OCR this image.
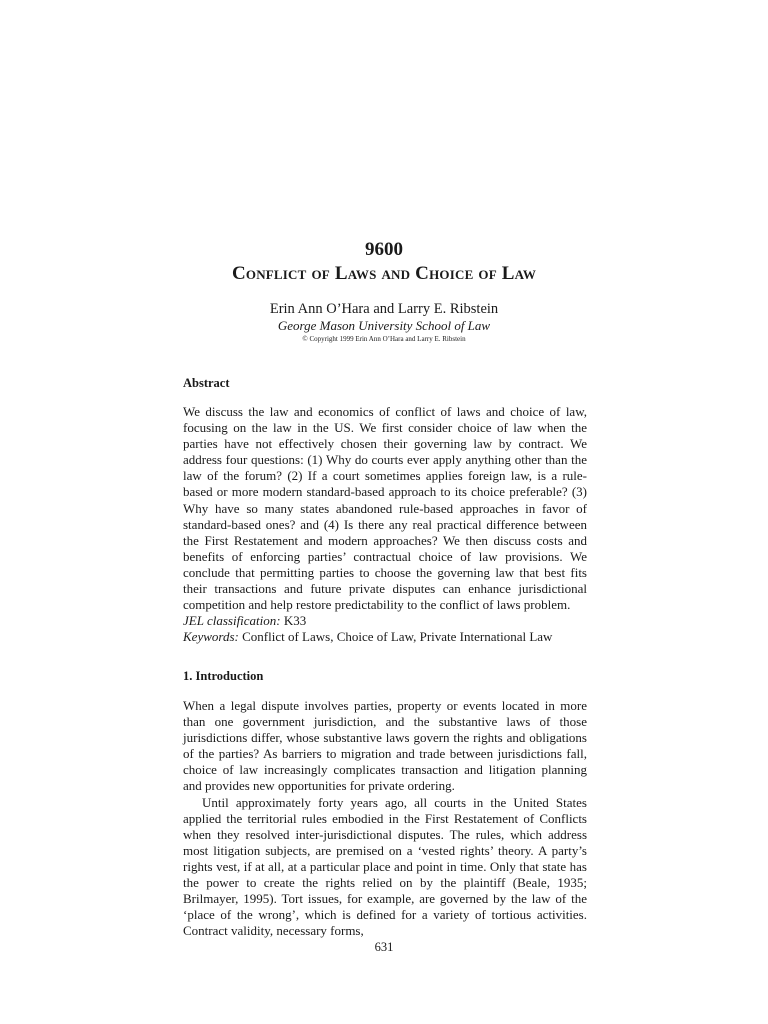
9600
Conflict of Laws and Choice of Law
Erin Ann O’Hara and Larry E. Ribstein
George Mason University School of Law
© Copyright 1999 Erin Ann O’Hara and Larry E. Ribstein

Abstract

We discuss the law and economics of conflict of laws and choice of law, focusing on the law in the US. We first consider choice of law when the parties have not effectively chosen their governing law by contract. We address four questions: (1) Why do courts ever apply anything other than the law of the forum? (2) If a court sometimes applies foreign law, is a rule-based or more modern standard-based approach to its choice preferable? (3) Why have so many states abandoned rule-based approaches in favor of standard-based ones? and (4) Is there any real practical difference between the First Restatement and modern approaches? We then discuss costs and benefits of enforcing parties’ contractual choice of law provisions. We conclude that permitting parties to choose the governing law that best fits their transactions and future private disputes can enhance jurisdictional competition and help restore predictability to the conflict of laws problem.

JEL classification: K33

Keywords: Conflict of Laws, Choice of Law, Private International Law

1. Introduction

When a legal dispute involves parties, property or events located in more than one government jurisdiction, and the substantive laws of those jurisdictions differ, whose substantive laws govern the rights and obligations of the parties? As barriers to migration and trade between jurisdictions fall, choice of law increasingly complicates transaction and litigation planning and provides new opportunities for private ordering.

Until approximately forty years ago, all courts in the United States applied the territorial rules embodied in the First Restatement of Conflicts when they resolved inter-jurisdictional disputes. The rules, which address most litigation subjects, are premised on a ‘vested rights’ theory. A party’s rights vest, if at all, at a particular place and point in time. Only that state has the power to create the rights relied on by the plaintiff (Beale, 1935; Brilmayer, 1995). Tort issues, for example, are governed by the law of the ‘place of the wrong’, which is defined for a variety of tortious activities. Contract validity, necessary forms,

631
